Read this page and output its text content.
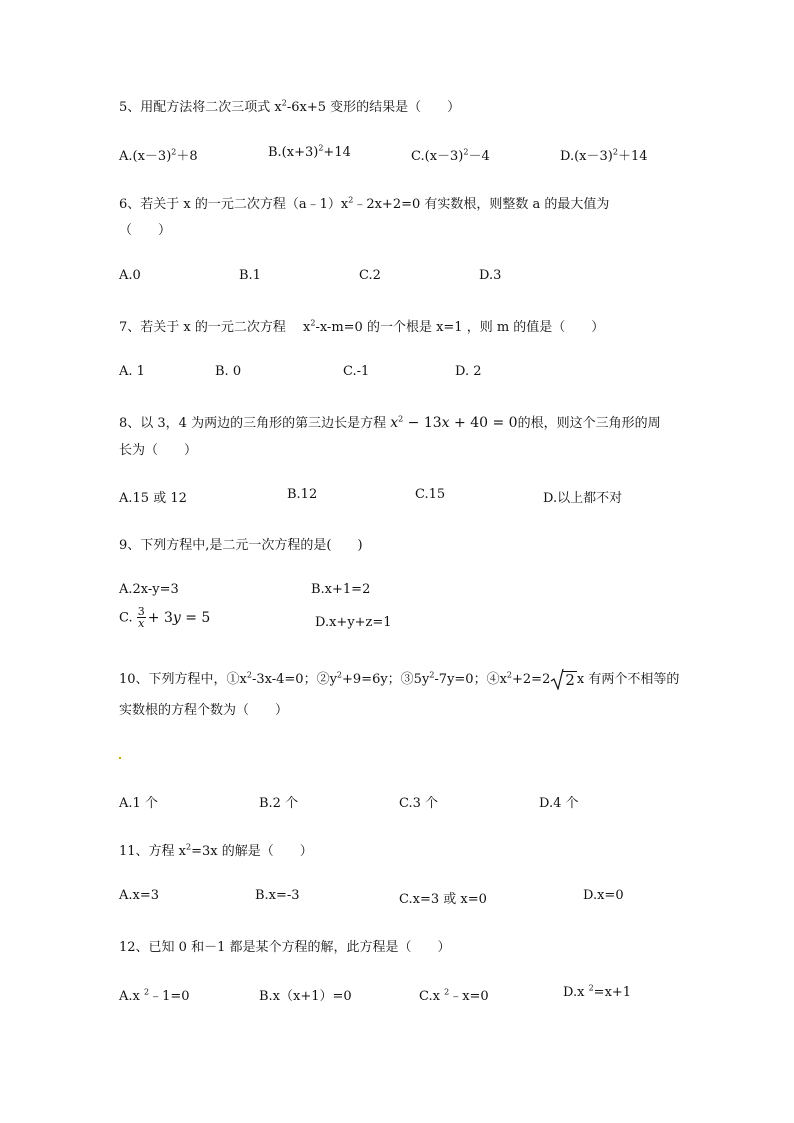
5、用配方法将二次三项式 $x^2-6x+5$ 变形的结果是（　　）
$A.(x-3)^2+8$	$B.(x+3)^2+14$	$C.(x-3)^2-4$	$D.(x-3)^2+14$
6、若关于 x 的一元二次方程$(a﹣1)x^2﹣2x+2=0$ 有实数根，则整数 a 的最大值为
（　　）
A.0	B.1	C.2	D.3
7、若关于 x 的一元二次方程　 $x^2-x-m=0$ 的一个根是 x=1 ，则 m 的值是（　　）
A. 1	B. 0	C.-1	D. 2
8、以 3，4 为两边的三角形的第三边长是方程 $x^2 - 13x + 40 = 0$的根，则这个三角形的周
长为（　　）
A.15 或 12	B.12	C.15	D.以上都不对
9、下列方程中,是二元一次方程的是(　　)
A.2x-y=3	B.x+1=2
C. $\frac{3}{x} + 3y = 5$	D.x+y+z=1
10、下列方程中，$①x^2-3x-4=0$；$②y^2+9=6y$；$③5y^2-7y=0$；$④x^2+2=2$ 2 x 有两个不相等的
实数根的方程个数为（　　）
A.1 个	B.2 个	C.3 个	D.4 个
11、方程 $x^2=3x$ 的解是（　　）
A.x=3	B.x=-3	C.x=3 或 x=0	D.x=0
12、已知 0 和－1 都是某个方程的解，此方程是（　　）
A.x $^2$﹣1=0	B.x（x+1）=0	C.x $^2$﹣x=0	D.x $^2$=x+1
